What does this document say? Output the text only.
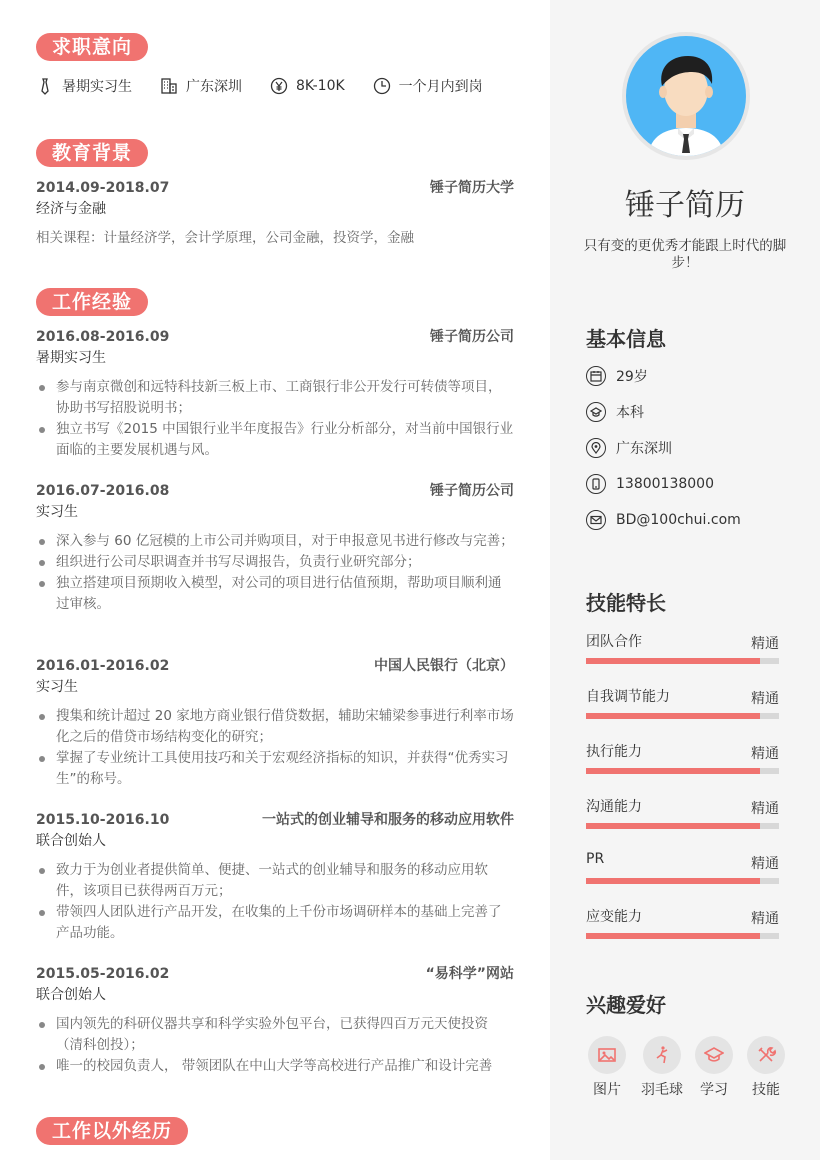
求职意向
暑期实习生	广东深圳	8K-10K	一个月内到岗
教育背景
2014.09-2018.07	锤子简历大学
经济与金融
相关课程：计量经济学，会计学原理，公司金融，投资学，金融
工作经验
2016.08-2016.09	锤子简历公司
暑期实习生
参与南京微创和远特科技新三板上市、工商银行非公开发行可转债等项目，协助书写招股说明书；
独立书写《2015 中国银行业半年度报告》行业分析部分，对当前中国银行业面临的主要发展机遇与风。
2016.07-2016.08	锤子简历公司
实习生
深入参与 60 亿冠模的上市公司并购项目，对于申报意见书进行修改与完善；
组织进行公司尽职调查并书写尽调报告，负责行业研究部分；
独立搭建项目预期收入模型，对公司的项目进行估值预期，帮助项目顺利通过审核。
2016.01-2016.02	中国人民银行（北京）
实习生
搜集和统计超过 20 家地方商业银行借贷数据，辅助宋辅梁参事进行利率市场化之后的借贷市场结构变化的研究；
掌握了专业统计工具使用技巧和关于宏观经济指标的知识，并获得“优秀实习生”的称号。
2015.10-2016.10	一站式的创业辅导和服务的移动应用软件
联合创始人
致力于为创业者提供简单、便捷、一站式的创业辅导和服务的移动应用软件，该项目已获得两百万元；
带领四人团队进行产品开发，在收集的上千份市场调研样本的基础上完善了产品功能。
2015.05-2016.02	“易科学”网站
联合创始人
国内领先的科研仪器共享和科学实验外包平台，已获得四百万元天使投资（清科创投）；
唯一的校园负责人， 带领团队在中山大学等高校进行产品推广和设计完善
工作以外经历
锤子简历
只有变的更优秀才能跟上时代的脚步！
基本信息
29岁
本科
广东深圳
13800138000
BD@100chui.com
技能特长
团队合作	精通
自我调节能力	精通
执行能力	精通
沟通能力	精通
PR	精通
应变能力	精通
兴趣爱好
图片	羽毛球	学习	技能
